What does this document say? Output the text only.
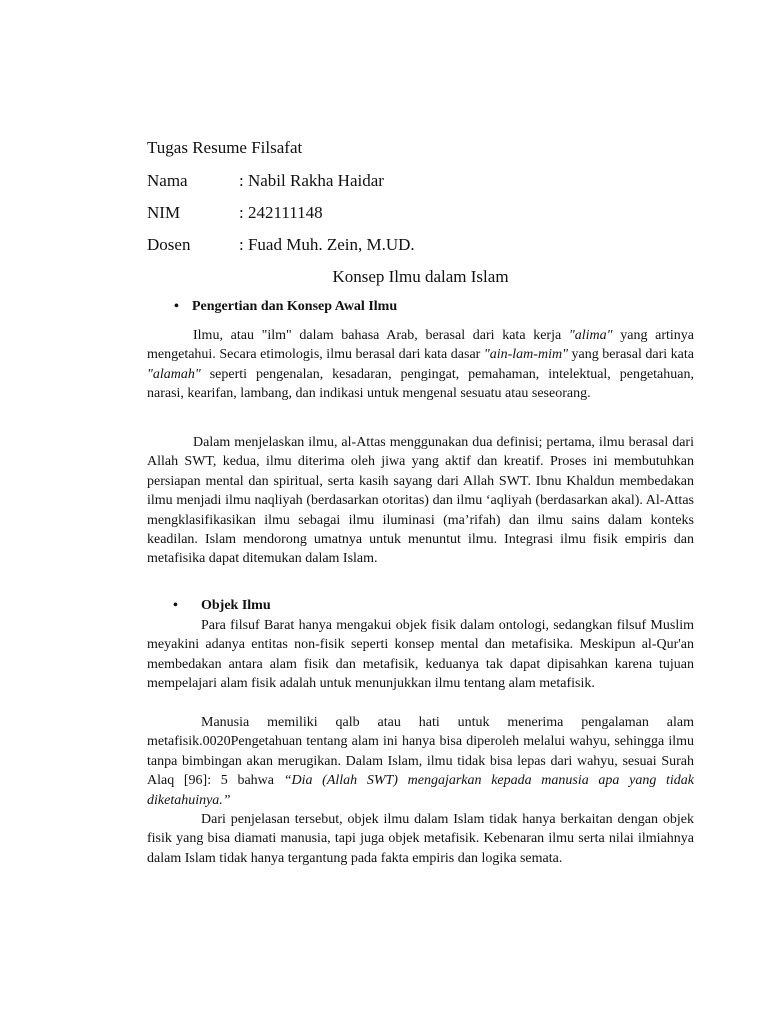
Tugas Resume Filsafat
Nama	: Nabil Rakha Haidar
NIM	: 242111148
Dosen	: Fuad Muh. Zein, M.UD.
Konsep Ilmu dalam Islam
• Pengertian dan Konsep Awal Ilmu

Ilmu, atau "ilm" dalam bahasa Arab, berasal dari kata kerja "alima" yang artinya mengetahui. Secara etimologis, ilmu berasal dari kata dasar "ain-lam-mim" yang berasal dari kata "alamah" seperti pengenalan, kesadaran, pengingat, pemahaman, intelektual, pengetahuan, narasi, kearifan, lambang, dan indikasi untuk mengenal sesuatu atau seseorang.

Dalam menjelaskan ilmu, al-Attas menggunakan dua definisi; pertama, ilmu berasal dari Allah SWT, kedua, ilmu diterima oleh jiwa yang aktif dan kreatif. Proses ini membutuhkan persiapan mental dan spiritual, serta kasih sayang dari Allah SWT. Ibnu Khaldun membedakan ilmu menjadi ilmu naqliyah (berdasarkan otoritas) dan ilmu ‘aqliyah (berdasarkan akal). Al-Attas mengklasifikasikan ilmu sebagai ilmu iluminasi (ma’rifah) dan ilmu sains dalam konteks keadilan. Islam mendorong umatnya untuk menuntut ilmu. Integrasi ilmu fisik empiris dan metafisika dapat ditemukan dalam Islam.

• Objek Ilmu

Para filsuf Barat hanya mengakui objek fisik dalam ontologi, sedangkan filsuf Muslim meyakini adanya entitas non-fisik seperti konsep mental dan metafisika. Meskipun al-Qur'an membedakan antara alam fisik dan metafisik, keduanya tak dapat dipisahkan karena tujuan mempelajari alam fisik adalah untuk menunjukkan ilmu tentang alam metafisik.

Manusia memiliki qalb atau hati untuk menerima pengalaman alam metafisik.0020Pengetahuan tentang alam ini hanya bisa diperoleh melalui wahyu, sehingga ilmu tanpa bimbingan akan merugikan. Dalam Islam, ilmu tidak bisa lepas dari wahyu, sesuai Surah Alaq [96]: 5 bahwa “Dia (Allah SWT) mengajarkan kepada manusia apa yang tidak diketahuinya.”

Dari penjelasan tersebut, objek ilmu dalam Islam tidak hanya berkaitan dengan objek fisik yang bisa diamati manusia, tapi juga objek metafisik. Kebenaran ilmu serta nilai ilmiahnya dalam Islam tidak hanya tergantung pada fakta empiris dan logika semata.
